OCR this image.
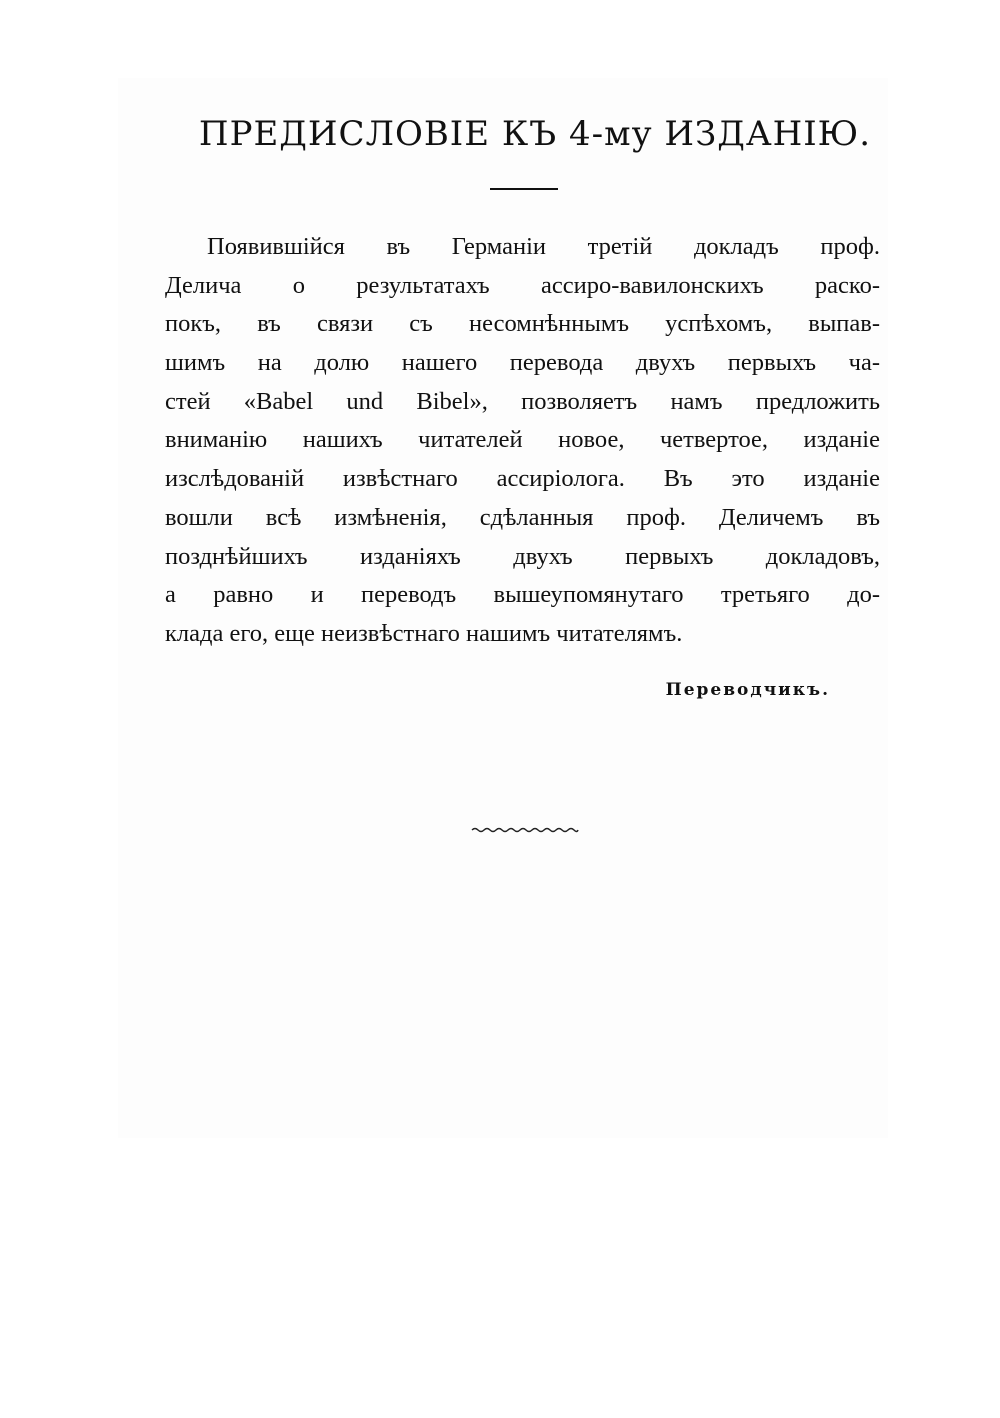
ПРЕДИСЛОВІЕ КЪ 4-му ИЗДАНІЮ.
Появившійся въ Германіи третій докладъ проф.
Делича о результатахъ ассиро-вавилонскихъ раско-
покъ, въ связи съ несомнѣннымъ успѣхомъ, выпав-
шимъ на долю нашего перевода двухъ первыхъ ча-
стей «Babel und Bibel», позволяетъ намъ предложить
вниманію нашихъ читателей новое, четвертое, изданіе
изслѣдованій извѣстнаго ассиріолога. Въ это изданіе
вошли всѣ измѣненія, сдѣланныя проф. Деличемъ въ
позднѣйшихъ изданіяхъ двухъ первыхъ докладовъ,
а равно и переводъ вышеупомянутаго третьяго до-
клада его, еще неизвѣстнаго нашимъ читателямъ.
Переводчикъ.
